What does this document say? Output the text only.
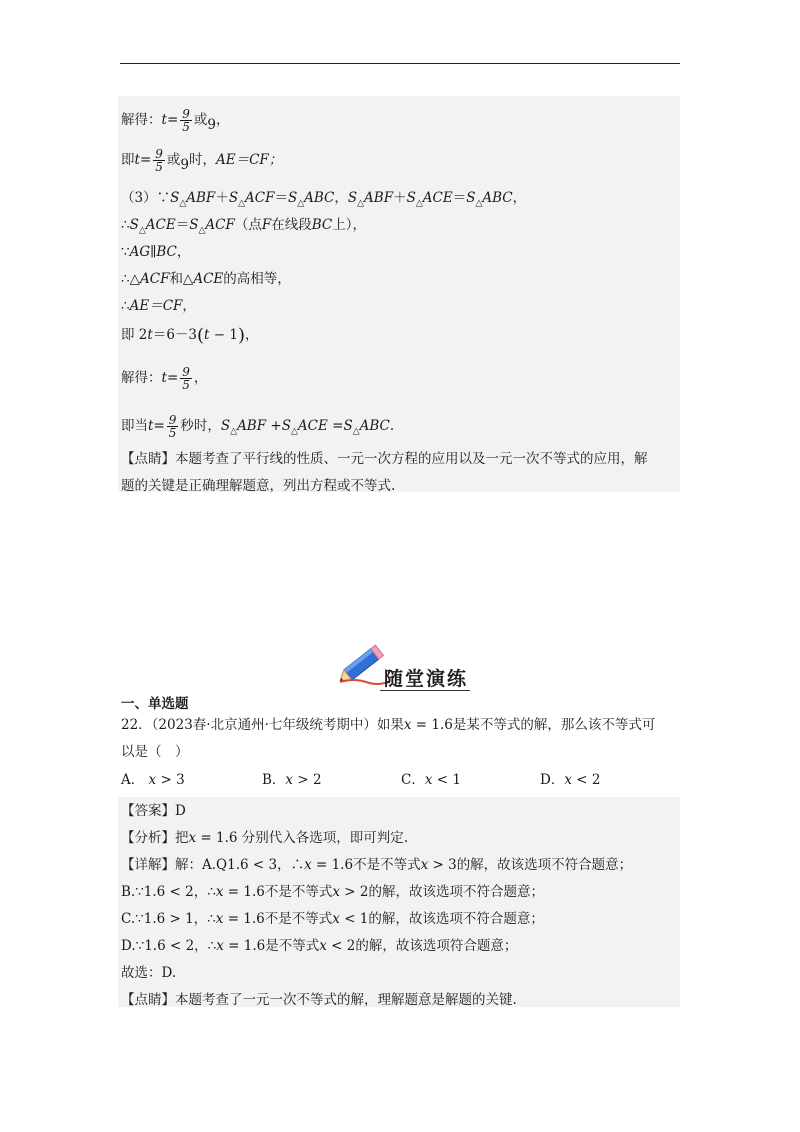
解得：$t= \frac{9}{5}$ 或9，
即$t= \frac{9}{5}$ 或9时，AE＝CF；
$(3)\because S_\triangle ABF+S_\triangle ACF=S_\triangle ABC$，$S_\triangle ABF+S_\triangle ACE=S_\triangle ABC$，
$\therefore S_\triangle ACE=S_\triangle ACF$（点F在线段BC上），
∵AG∥BC，
∴△ACF和△ACE的高相等，
∴AE＝CF，
即 2t＝6－3(t − 1)，
解得：$t= \frac{9}{5}$ ，
即当$t= \frac{9}{5}$ 秒时，$S_\triangle ABF +S_\triangle ACE =S_\triangle ABC$.
【点睛】本题考查了平行线的性质、一元一次方程的应用以及一元一次不等式的应用，解
题的关键是正确理解题意，列出方程或不等式.
随堂演练
一、单选题
22．（2023春·北京通州·七年级统考期中）如果x = 1.6是某不等式的解，那么该不等式可
以是（　）
A． x > 3	B．x > 2	C．x < 1	D．x < 2
【答案】D
【分析】把x = 1.6 分别代入各选项，即可判定.
【详解】解：A.Q1.6 < 3，∴x = 1.6不是不等式x > 3的解，故该选项不符合题意；
B.∵1.6 < 2，∴x = 1.6不是不等式x > 2的解，故该选项不符合题意；
C.∵1.6 > 1，∴x = 1.6不是不等式x < 1的解，故该选项不符合题意；
D.∵1.6 < 2，∴x = 1.6是不等式x < 2的解，故该选项符合题意；
故选：D.
【点睛】本题考查了一元一次不等式的解，理解题意是解题的关键.
